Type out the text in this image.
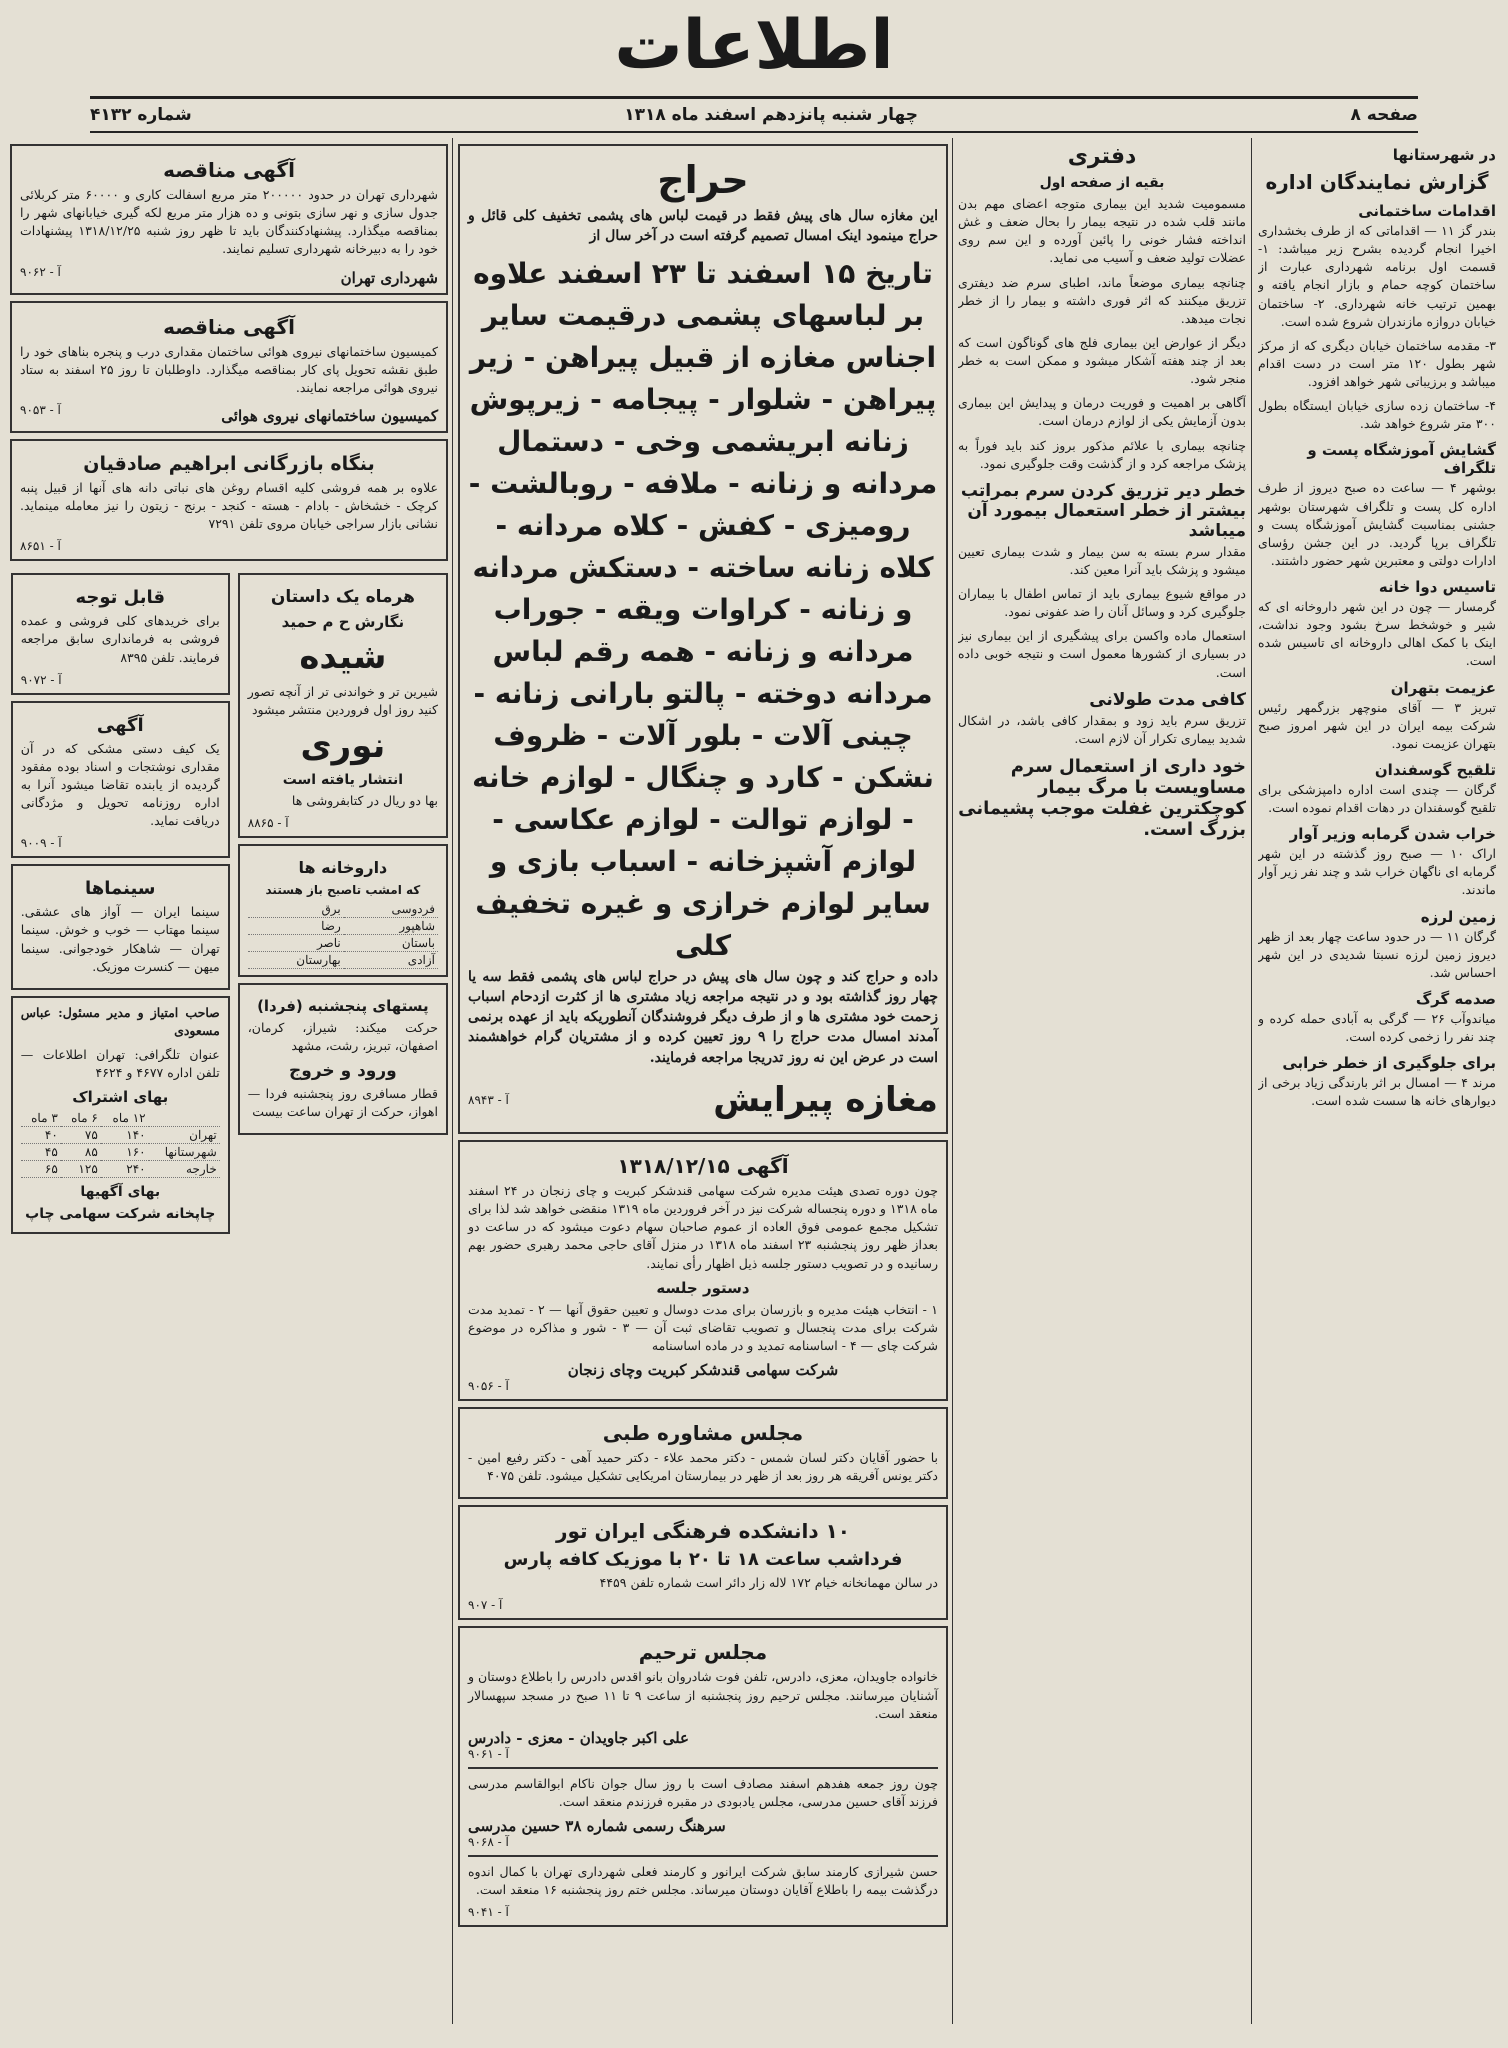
اطلاعات
صفحه ۸
چهار شنبه پانزدهم اسفند ماه ۱۳۱۸
شماره ۴۱۳۲
در شهرستانها
گزارش نمایندگان اداره
اقدامات ساختمانی

بندر گز ۱۱ — اقداماتی که از طرف بخشداری اخیرا انجام گردیده بشرح زیر میباشد: ۱- قسمت اول برنامه شهرداری عبارت از ساختمان کوچه حمام و بازار انجام یافته و بهمین ترتیب خانه شهرداری. ۲- ساختمان خیابان دروازه مازندران شروع شده است.

۳- مقدمه ساختمان خیابان دیگری که از مرکز شهر بطول ۱۲۰ متر است در دست اقدام میباشد و برزیباتی شهر خواهد افزود.

۴- ساختمان زده سازی خیابان ایستگاه بطول ۳۰۰ متر شروع خواهد شد.

گشایش آموزشگاه پست و تلگراف

بوشهر ۴ — ساعت ده صبح دیروز از طرف اداره کل پست و تلگراف شهرستان بوشهر جشنی بمناسبت گشایش آموزشگاه پست و تلگراف برپا گردید. در این جشن رؤسای ادارات دولتی و معتبرین شهر حضور داشتند.

تاسیس دوا خانه

گرمسار — چون در این شهر داروخانه ای که شیر و خوشخط سرخ بشود وجود نداشت، اینک با کمک اهالی داروخانه ای تاسیس شده است.

عزیمت بتهران

تبریز ۳ — آقای منوچهر بزرگمهر رئیس شرکت بیمه ایران در این شهر امروز صبح بتهران عزیمت نمود.

تلقیح گوسفندان

گرگان — چندی است اداره دامپزشکی برای تلقیح گوسفندان در دهات اقدام نموده است.

خراب شدن گرمابه وزیر آوار

اراک ۱۰ — صبح روز گذشته در این شهر گرمابه ای ناگهان خراب شد و چند نفر زیر آوار ماندند.

زمین لرزه

گرگان ۱۱ — در حدود ساعت چهار بعد از ظهر دیروز زمین لرزه نسبتا شدیدی در این شهر احساس شد.

صدمه گرگ

میاندوآب ۲۶ — گرگی به آبادی حمله کرده و چند نفر را زخمی کرده است.

برای جلوگیری از خطر خرابی

مرند ۴ — امسال بر اثر بارندگی زیاد برخی از دیوارهای خانه ها سست شده است.

دفتری
بقیه از صفحه اول

مسمومیت شدید این بیماری متوجه اعضای مهم بدن مانند قلب شده در نتیجه بیمار را بحال ضعف و غش انداخته فشار خونی را پائین آورده و این سم روی عضلات تولید ضعف و آسیب می نماید.

چنانچه بیماری موضعاً ماند، اطبای سرم ضد دیفتری تزریق میکنند که اثر فوری داشته و بیمار را از خطر نجات میدهد.

دیگر از عوارض این بیماری فلج های گوناگون است که بعد از چند هفته آشکار میشود و ممکن است به خطر منجر شود.

آگاهی بر اهمیت و فوریت درمان و پیدایش این بیماری بدون آزمایش یکی از لوازم درمان است.

چنانچه بیماری با علائم مذکور بروز کند باید فوراً به پزشک مراجعه کرد و از گذشت وقت جلوگیری نمود.

خطر دیر تزریق کردن سرم بمراتب بیشتر از خطر استعمال بیمورد آن میباشد

مقدار سرم بسته به سن بیمار و شدت بیماری تعیین میشود و پزشک باید آنرا معین کند.

در مواقع شیوع بیماری باید از تماس اطفال با بیماران جلوگیری کرد و وسائل آنان را ضد عفونی نمود.

استعمال ماده واکسن برای پیشگیری از این بیماری نیز در بسیاری از کشورها معمول است و نتیجه خوبی داده است.

کافی مدت طولانی

تزریق سرم باید زود و بمقدار کافی باشد، در اشکال شدید بیماری تکرار آن لازم است.

خود داری از استعمال سرم مساویست با مرگ بیمار کوچکترین غفلت موجب پشیمانی بزرگ است.
حراج

این مغازه سال های پیش فقط در قیمت لباس های پشمی تخفیف کلی قائل و حراج مینمود اینک امسال تصمیم گرفته است در آخر سال از

تاریخ ۱۵ اسفند تا ۲۳ اسفند علاوه بر لباسهای پشمی درقیمت سایر اجناس مغازه از قبیل پیراهن - زیر پیراهن - شلوار - پیجامه - زیرپوش زنانه ابریشمی وخی - دستمال مردانه و زنانه - ملافه - روبالشت - رومیزی - کفش - کلاه مردانه - کلاه زنانه ساخته - دستکش مردانه و زنانه - کراوات ویقه - جوراب مردانه و زنانه - همه رقم لباس مردانه دوخته - پالتو بارانی زنانه - چینی آلات - بلور آلات - ظروف نشکن - کارد و چنگال - لوازم خانه - لوازم توالت - لوازم عکاسی - لوازم آشپزخانه - اسباب بازی و سایر لوازم خرازی و غیره تخفیف کلی

داده و حراج کند و چون سال های پیش در حراج لباس های پشمی فقط سه یا چهار روز گذاشته بود و در نتیجه مراجعه زیاد مشتری ها از کثرت ازدحام اسباب زحمت خود مشتری ها و از طرف دیگر فروشندگان آنطوریکه باید از عهده برنمی آمدند امسال مدت حراج را ۹ روز تعیین کرده و از مشتریان گرام خواهشمند است در عرض این نه روز تدریجا مراجعه فرمایند.

مغازه پیرایش
آ - ۸۹۴۳
آگهی ۱۳۱۸/۱۲/۱۵

چون دوره تصدی هیئت مدیره شرکت سهامی قندشکر کبریت و چای زنجان در ۲۴ اسفند ماه ۱۳۱۸ و دوره پنجساله شرکت نیز در آخر فروردین ماه ۱۳۱۹ منقضی خواهد شد لذا برای تشکیل مجمع عمومی فوق العاده از عموم صاحبان سهام دعوت میشود که در ساعت دو بعداز ظهر روز پنجشنبه ۲۳ اسفند ماه ۱۳۱۸ در منزل آقای حاجی محمد رهبری حضور بهم رسانیده و در تصویب دستور جلسه ذیل اظهار رأی نمایند.

دستور جلسه

۱ - انتخاب هیئت مدیره و بازرسان برای مدت دوسال و تعیین حقوق آنها — ۲ - تمدید مدت شرکت برای مدت پنجسال و تصویب تقاضای ثبت آن — ۳ - شور و مذاکره در موضوع شرکت چای — ۴ - اساسنامه تمدید و در ماده اساسنامه

شرکت سهامی قندشکر کبریت وچای زنجان
آ - ۹۰۵۶
مجلس مشاوره طبی

با حضور آقایان دکتر لسان شمس - دکتر محمد علاء - دکتر حمید آهی - دکتر رفیع امین - دکتر یونس آفریقه هر روز بعد از ظهر در بیمارستان امریکایی تشکیل میشود. تلفن ۴۰۷۵

۱۰ دانشکده فرهنگی ایران تور
فرداشب ساعت ۱۸ تا ۲۰ با موزیک کافه پارس

در سالن مهمانخانه خیام ۱۷۲ لاله زار دائر است شماره تلفن ۴۴۵۹

آ - ۹۰۷
مجلس ترحیم

خانواده جاویدان، معزی، دادرس، تلفن فوت شادروان بانو اقدس دادرس را باطلاع دوستان و آشنایان میرسانند. مجلس ترحیم روز پنجشنبه از ساعت ۹ تا ۱۱ صبح در مسجد سپهسالار منعقد است.

علی اکبر جاویدان - معزی - دادرس
آ - ۹۰۶۱

چون روز جمعه هفدهم اسفند مصادف است با روز سال جوان ناکام ابوالقاسم مدرسی فرزند آقای حسین مدرسی، مجلس یادبودی در مقبره فرزندم منعقد است.

سرهنگ رسمی شماره ۳۸ حسین مدرسی
آ - ۹۰۶۸

حسن شیرازی کارمند سابق شرکت ایرانور و کارمند فعلی شهرداری تهران با کمال اندوه درگذشت بیمه را باطلاع آقایان دوستان میرساند. مجلس ختم روز پنجشنبه ۱۶ منعقد است.

آ - ۹۰۴۱
آگهی مناقصه

شهرداری تهران در حدود ۲۰۰۰۰۰ متر مربع اسفالت کاری و ۶۰۰۰۰ متر کربلائی جدول سازی و نهر سازی بتونی و ده هزار متر مربع لکه گیری خیابانهای شهر را بمناقصه میگذارد. پیشنهادکنندگان باید تا ظهر روز شنبه ۱۳۱۸/۱۲/۲۵ پیشنهادات خود را به دبیرخانه شهرداری تسلیم نمایند.

شهرداری تهران
آ - ۹۰۶۲
آگهی مناقصه

کمیسیون ساختمانهای نیروی هوائی ساختمان مقداری درب و پنجره بناهای خود را طبق نقشه تحویل پای کار بمناقصه میگذارد. داوطلبان تا روز ۲۵ اسفند به ستاد نیروی هوائی مراجعه نمایند.

کمیسیون ساختمانهای نیروی هوائی
آ - ۹۰۵۳
بنگاه بازرگانی ابراهیم صادقیان

علاوه بر همه فروشی کلیه اقسام روغن های نباتی دانه های آنها از قبیل پنبه کرچک - خشخاش - بادام - هسته - کنجد - برنج - زیتون را نیز معامله مینماید. نشانی بازار سراجی خیابان مروی تلفن ۷۲۹۱

آ - ۸۶۵۱
هرماه یک داستان
نگارش ح م حمید
شیده

شیرین تر و خواندنی تر از آنچه تصور کنید روز اول فروردین منتشر میشود

نوری
انتشار یافته است

بها دو ریال در کتابفروشی ها

آ - ۸۸۶۵
داروخانه ها
که امشب تاصبح باز هستند
فردوسی	برق
شاهپور	رضا
باستان	ناصر
آزادی	بهارستان
پستهای پنجشنبه (فردا)

حرکت میکند: شیراز، کرمان، اصفهان، تبریز، رشت، مشهد

ورود و خروج

قطار مسافری روز پنجشنبه فردا — اهواز، حرکت از تهران ساعت بیست

قابل توجه

برای خریدهای کلی فروشی و عمده فروشی به فرمانداری سابق مراجعه فرمایند. تلفن ۸۳۹۵

آ - ۹۰۷۲
آگهی

یک کیف دستی مشکی که در آن مقداری نوشتجات و اسناد بوده مفقود گردیده از یابنده تقاضا میشود آنرا به اداره روزنامه تحویل و مژدگانی دریافت نماید.

آ - ۹۰۰۹
سینماها

سینما ایران — آواز های عشقی. سینما مهتاب — خوب و خوش. سینما تهران — شاهکار خودجوانی. سینما میهن — کنسرت موزیک.

صاحب امتیاز و مدیر مسئول: عباس مسعودی

عنوان تلگرافی: تهران اطلاعات — تلفن اداره ۴۶۷۷ و ۴۶۲۴

بهای اشتراک
	۱۲ ماه	۶ ماه	۳ ماه
تهران	۱۴۰	۷۵	۴۰
شهرستانها	۱۶۰	۸۵	۴۵
خارجه	۲۴۰	۱۲۵	۶۵
بهای آگهیها
چاپخانه شرکت سهامی چاپ
